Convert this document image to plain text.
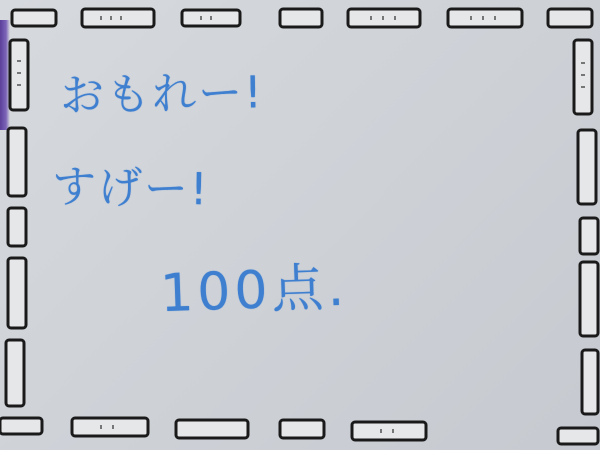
おもれー!
すげー!
100点.
